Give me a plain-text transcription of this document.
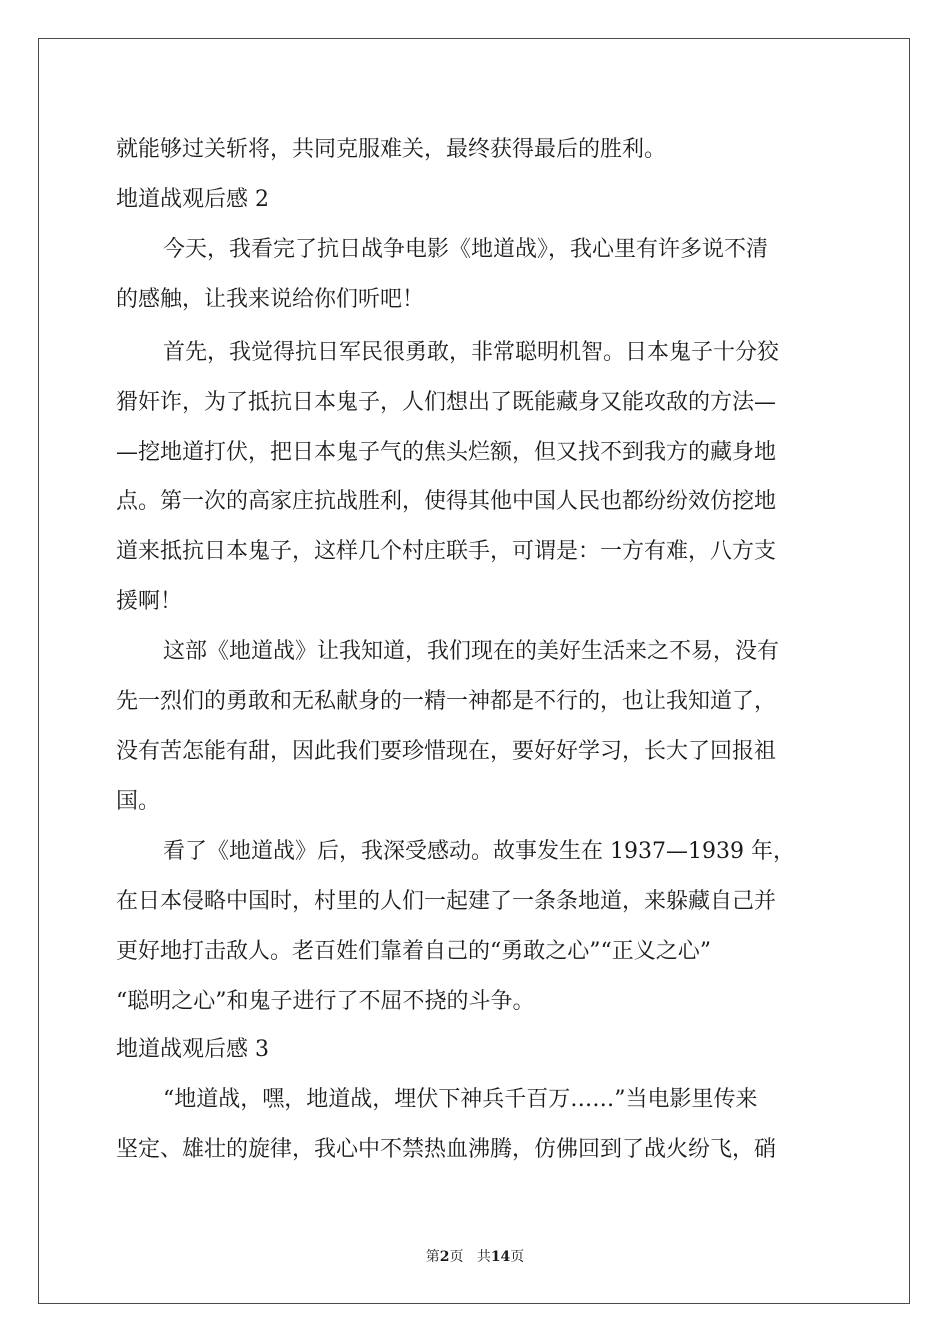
就能够过关斩将，共同克服难关，最终获得最后的胜利。
地道战观后感 2
今天，我看完了抗日战争电影《地道战》，我心里有许多说不清
的感触，让我来说给你们听吧！
首先，我觉得抗日军民很勇敢，非常聪明机智。日本鬼子十分狡
猾奸诈，为了抵抗日本鬼子，人们想出了既能藏身又能攻敌的方法—
—挖地道打伏，把日本鬼子气的焦头烂额，但又找不到我方的藏身地
点。第一次的高家庄抗战胜利，使得其他中国人民也都纷纷效仿挖地
道来抵抗日本鬼子，这样几个村庄联手，可谓是：一方有难，八方支
援啊！
这部《地道战》让我知道，我们现在的美好生活来之不易，没有
先一烈们的勇敢和无私献身的一精一神都是不行的，也让我知道了，
没有苦怎能有甜，因此我们要珍惜现在，要好好学习，长大了回报祖
国。
看了《地道战》后，我深受感动。故事发生在 1937—1939 年，
在日本侵略中国时，村里的人们一起建了一条条地道，来躲藏自己并
更好地打击敌人。老百姓们靠着自己的“勇敢之心”“正义之心”
“聪明之心”和鬼子进行了不屈不挠的斗争。
地道战观后感 3
“地道战，嘿，地道战，埋伏下神兵千百万……”当电影里传来
坚定、雄壮的旋律，我心中不禁热血沸腾，仿佛回到了战火纷飞，硝
第2页 共14页
